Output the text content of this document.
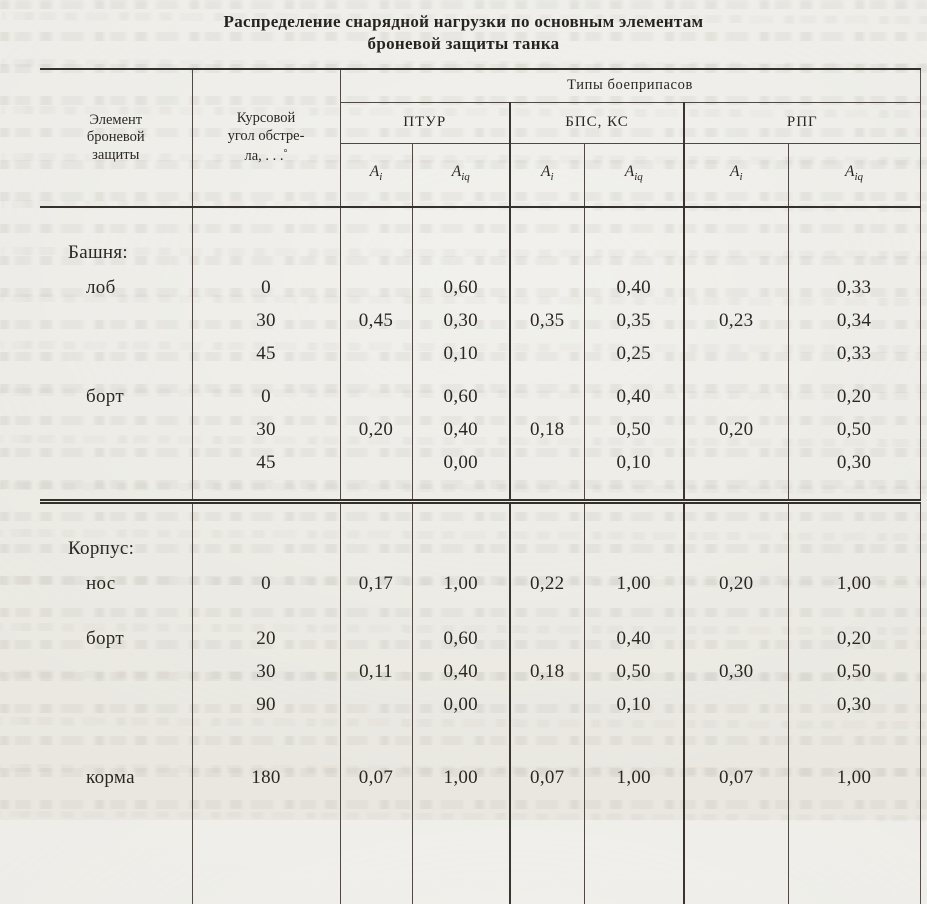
Распределение снарядной нагрузки по основным элементам
броневой защиты танка
Элемент
броневой
защиты	Курсовой
угол обстре-
ла, . . .°	Типы боеприпасов					
		ПТУР		БПС, КС		РПГ	
		$A_i$	$A_{iq}$	$A_i$	$A_{iq}$	$A_i$	$A_{iq}$
Башня:							
лоб	0		0,60		0,40		0,33
	30	0,45	0,30	0,35	0,35	0,23	0,34
	45		0,10		0,25		0,33
борт	0		0,60		0,40		0,20
	30	0,20	0,40	0,18	0,50	0,20	0,50
	45		0,00		0,10		0,30
Корпус:							
нос	0	0,17	1,00	0,22	1,00	0,20	1,00
борт	20		0,60		0,40		0,20
	30	0,11	0,40	0,18	0,50	0,30	0,50
	90		0,00		0,10		0,30
корма	180	0,07	1,00	0,07	1,00	0,07	1,00
